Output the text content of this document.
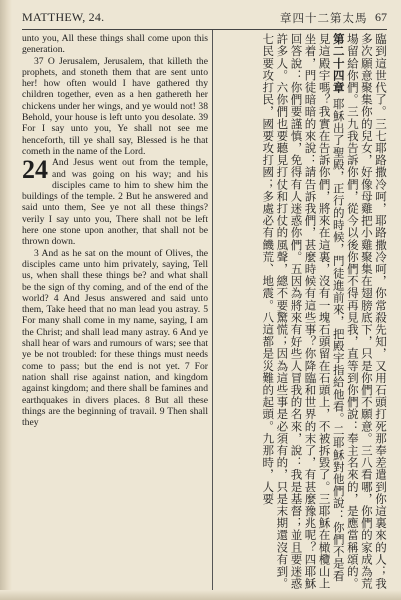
MATTHEW, 24.	馬太第二十四章 67

unto you, All these things shall come upon this generation.

37 O Jerusalem, Jerusalem, that killeth the prophets, and stoneth them that are sent unto her! how often would I have gathered thy children together, even as a hen gathereth her chickens under her wings, and ye would not! 38 Behold, your house is left unto you desolate. 39 For I say unto you, Ye shall not see me henceforth, till ye shall say, Blessed is he that cometh in the name of the Lord.

24 And Jesus went out from the temple, and was going on his way; and his disciples came to him to shew him the buildings of the temple. 2 But he answered and said unto them, See ye not all these things? verily I say unto you, There shall not be left here one stone upon another, that shall not be thrown down.

3 And as he sat on the mount of Olives, the disciples came unto him privately, saying, Tell us, when shall these things be? and what shall be the sign of thy coming, and of the end of the world? 4 And Jesus answered and said unto them, Take heed that no man lead you astray. 5 For many shall come in my name, saying, I am the Christ; and shall lead many astray. 6 And ye shall hear of wars and rumours of wars; see that ye be not troubled: for these things must needs come to pass; but the end is not yet. 7 For nation shall rise against nation, and kingdom against kingdom; and there shall be famines and earthquakes in divers places. 8 But all these things are the beginning of travail. 9 Then shall they	臨到這世代了。三七耶路撒冷呵，耶路撒冷呵，你常殺先知，又用石頭打死那奉差遣到你這裏來的人；我多次願意聚集你的兒女，好像母雞把小雞聚集在翅膀底下，只是你們不願意。三八看哪，你們的家成為荒場留給你們。三九我告訴你們，從今以後你們不得再見我，直等到你們說：奉主名來的，是應當稱頌的。
第二十四章 耶穌出了聖殿，正行的時候，門徒進前來，把殿宇指給他看。二耶穌對他們說：你們不是看見這殿宇嗎？我實在告訴你們，將來在這裏，沒有一塊石頭留在石頭上，不被拆毀了。三耶穌在橄欖山上坐着，門徒暗暗的來說：請告訴我們，甚麼時候有這些事？你降臨和世界的末了，有甚麼豫兆呢？四耶穌回答說：你們要謹慎，免得有人迷惑你們。五因為將來有好些人冒我的名來，說：我是基督；並且要迷惑許多人。六你們也要聽見打仗和打仗的風聲，總不要驚慌；因為這些事是必須有的，只是末期還沒有到。七民要攻打民，國要攻打國；多處必有饑荒、地震。八這都是災難的起頭。九那時，人要
